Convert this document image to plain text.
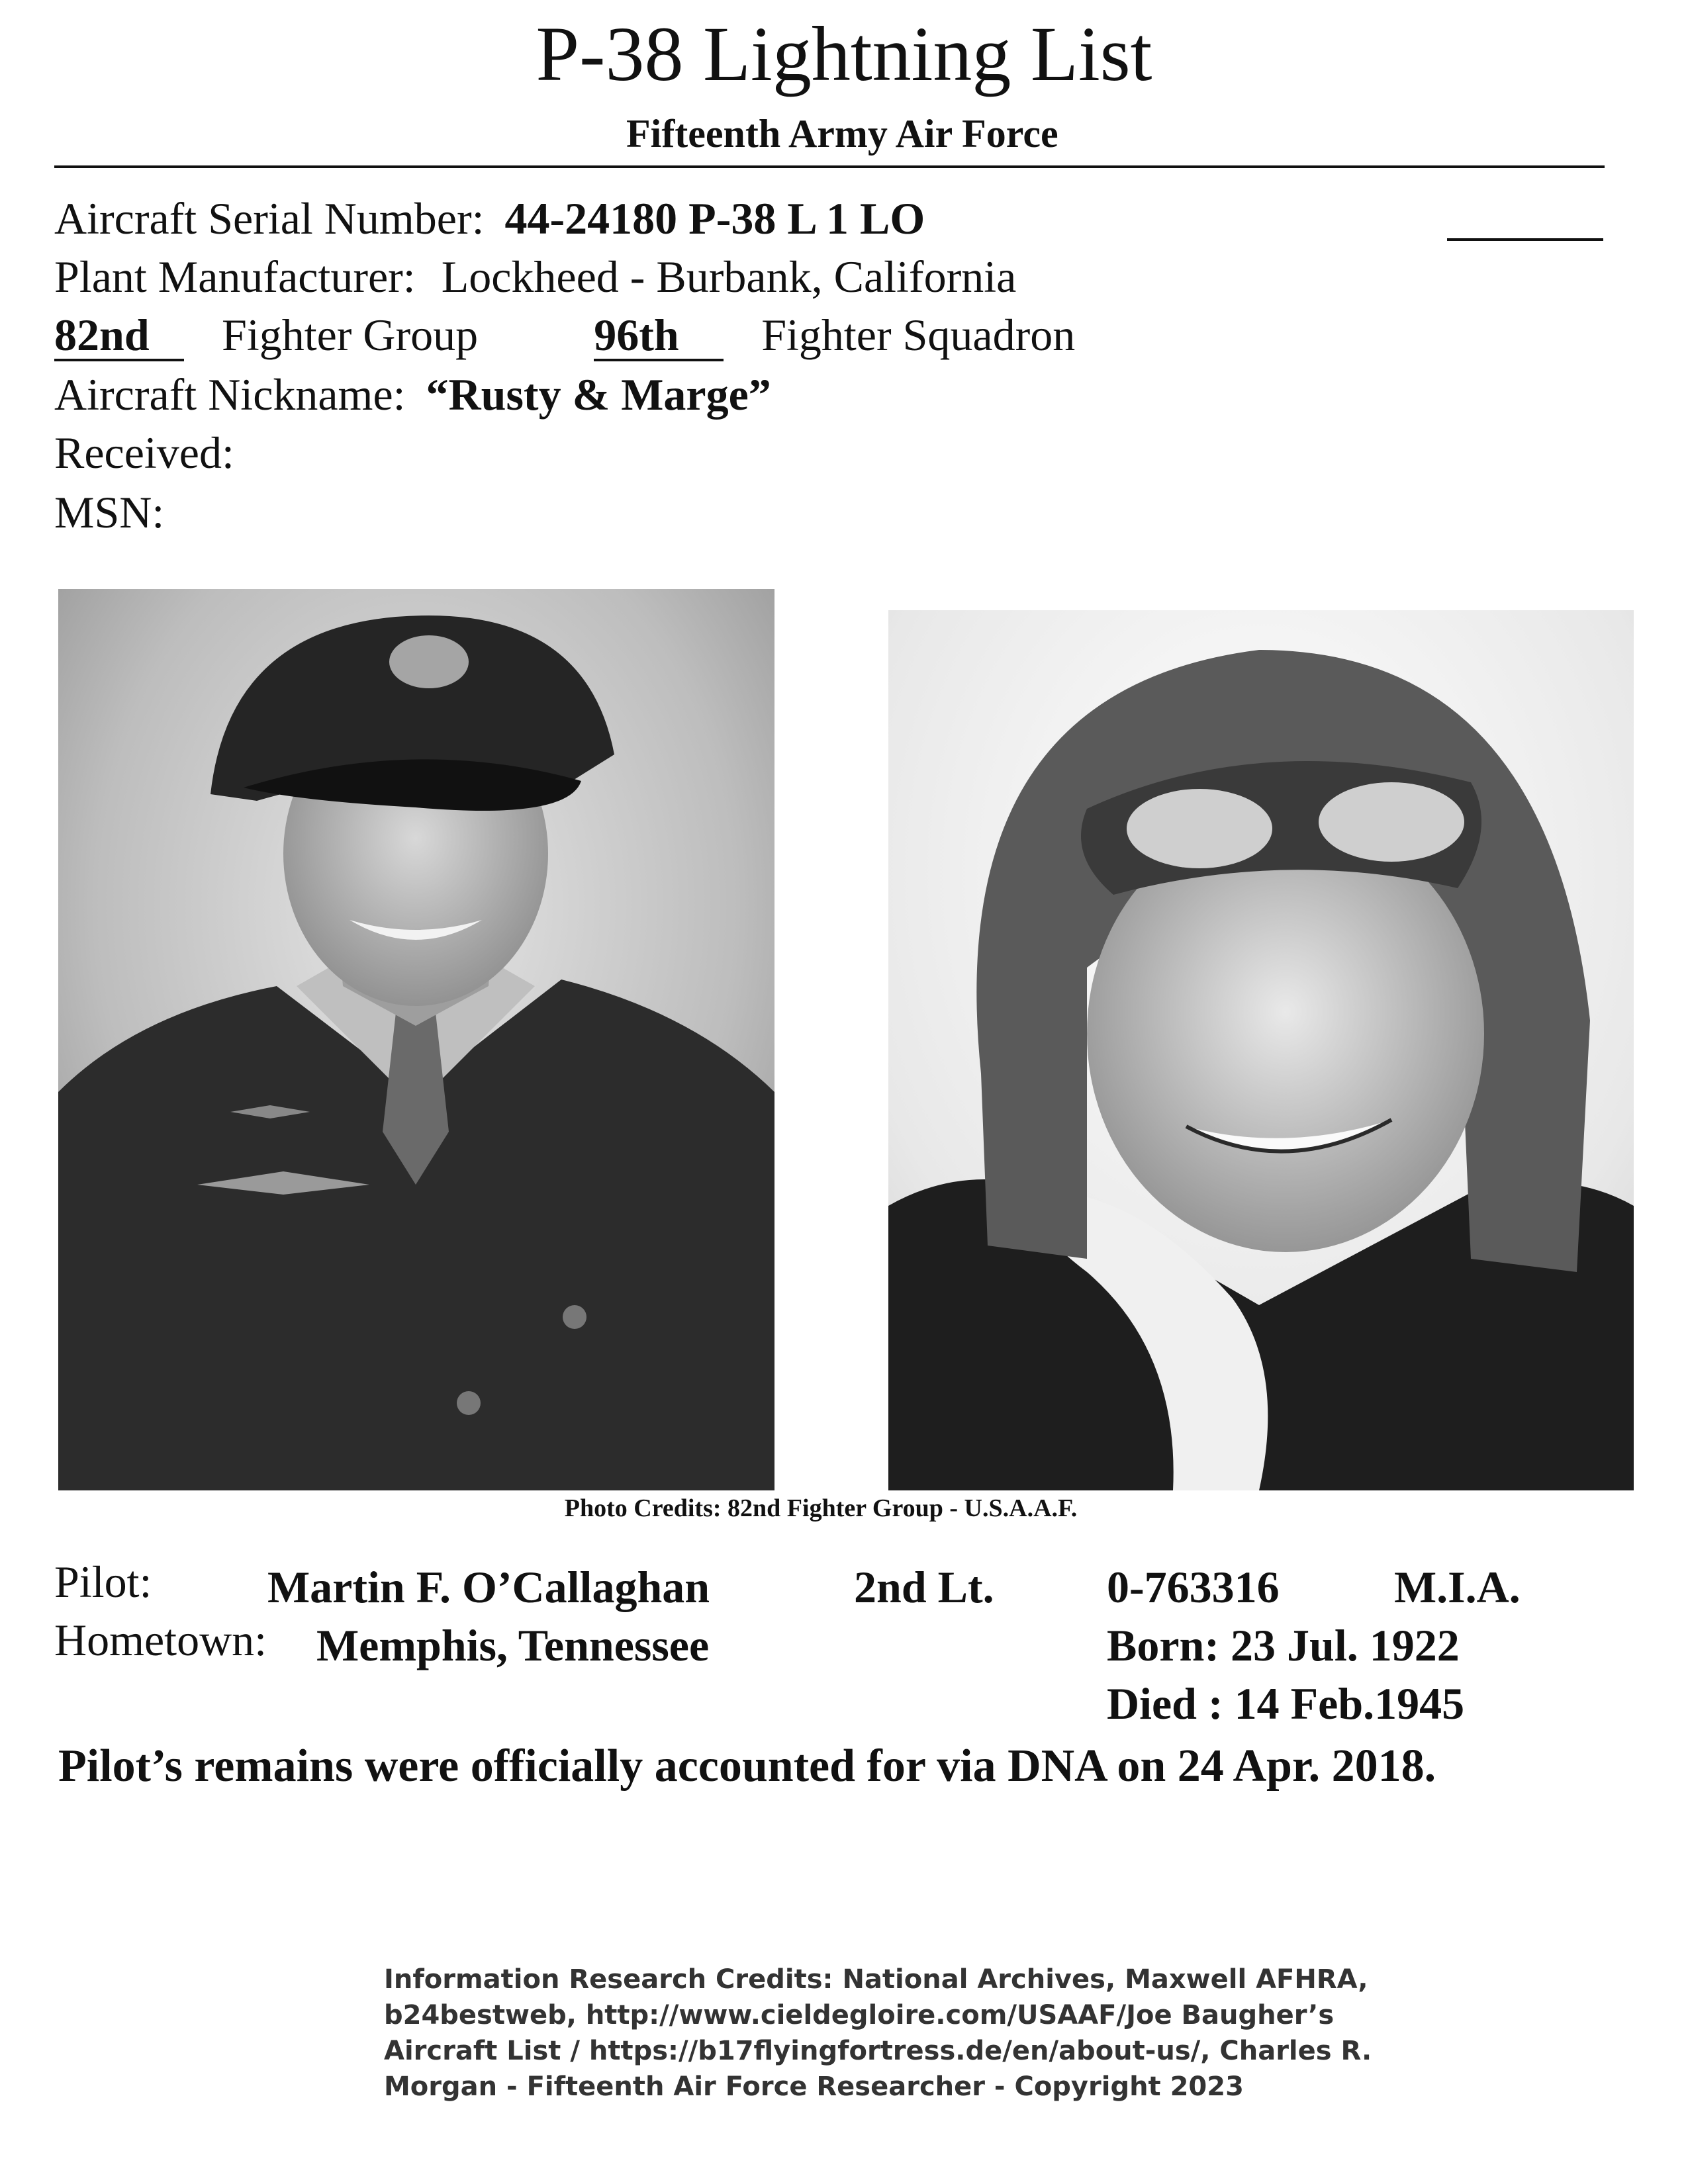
P-38 Lightning List
Fifteenth Army Air Force
Aircraft Serial Number: 44-24180 P-38 L 1 LO
Plant Manufacturer: Lockheed - Burbank, California
82nd Fighter Group	96th Fighter Squadron
Aircraft Nickname: “Rusty & Marge”
Received:
MSN:
Photo Credits: 82nd Fighter Group - U.S.A.A.F.
Pilot:	Martin F. O’Callaghan	2nd Lt.	0-763316	M.I.A.
Hometown: Memphis, Tennessee	Born: 23 Jul. 1922
Died : 14 Feb.1945
Pilot’s remains were officially accounted for via DNA on 24 Apr. 2018.
Information Research Credits: National Archives, Maxwell AFHRA,
b24bestweb, http://www.cieldegloire.com/USAAF/Joe Baugher’s
Aircraft List / https://b17flyingfortress.de/en/about-us/, Charles R.
Morgan - Fifteenth Air Force Researcher - Copyright 2023
